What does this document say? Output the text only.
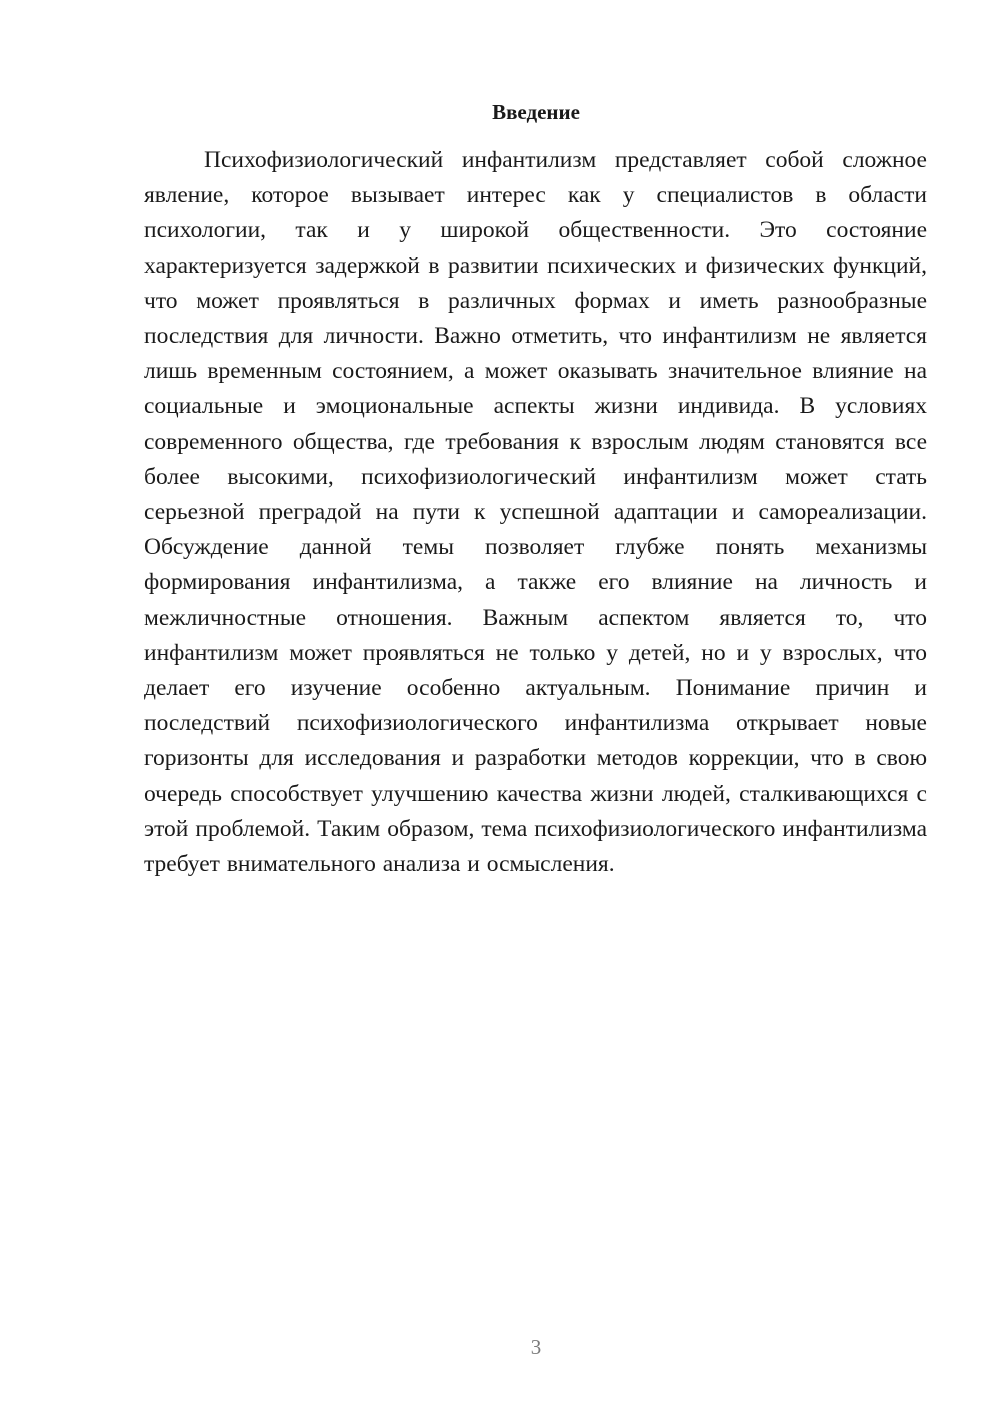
Введение

Психофизиологический инфантилизм представляет собой сложное явление, которое вызывает интерес как у специалистов в области психологии, так и у широкой общественности. Это состояние характеризуется задержкой в развитии психических и физических функций, что может проявляться в различных формах и иметь разнообразные последствия для личности. Важно отметить, что инфантилизм не является лишь временным состоянием, а может оказывать значительное влияние на социальные и эмоциональные аспекты жизни индивида. В условиях современного общества, где требования к взрослым людям становятся все более высокими, психофизиологический инфантилизм может стать серьезной преградой на пути к успешной адаптации и самореализации. Обсуждение данной темы позволяет глубже понять механизмы формирования инфантилизма, а также его влияние на личность и межличностные отношения. Важным аспектом является то, что инфантилизм может проявляться не только у детей, но и у взрослых, что делает его изучение особенно актуальным. Понимание причин и последствий психофизиологического инфантилизма открывает новые горизонты для исследования и разработки методов коррекции, что в свою очередь способствует улучшению качества жизни людей, сталкивающихся с этой проблемой. Таким образом, тема психофизиологического инфантилизма требует внимательного анализа и осмысления.

3
